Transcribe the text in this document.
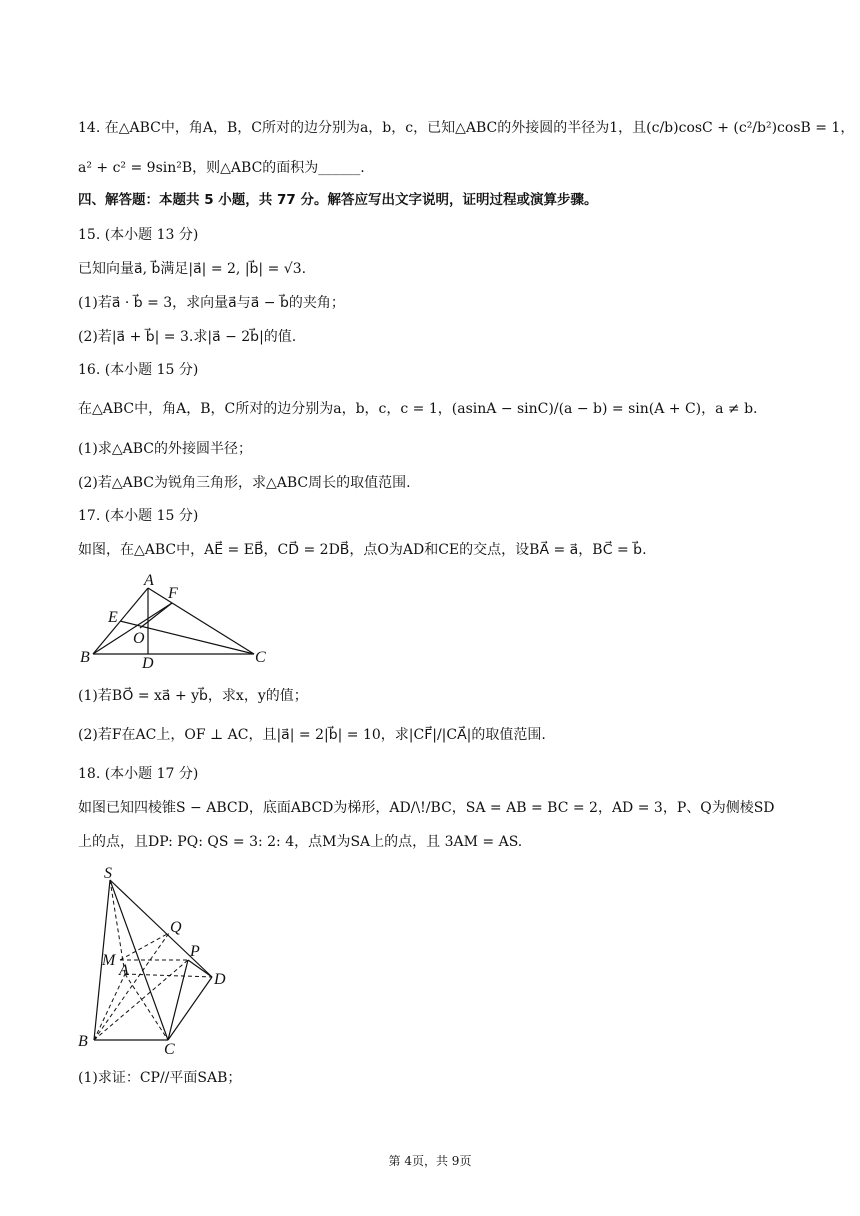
14. 在△ABC中，角A，B，C所对的边分别为a，b，c，已知△ABC的外接圆的半径为1，且(c/b)cosC + (c²/b²)cosB = 1，
a² + c² = 9sin²B，则△ABC的面积为______.
四、解答题：本题共 5 小题，共 77 分。解答应写出文字说明，证明过程或演算步骤。
15. (本小题 13 分)
已知向量a⃗, b⃗满足|a⃗| = 2, |b⃗| = √3.
(1)若a⃗ · b⃗ = 3，求向量a⃗与a⃗ − b⃗的夹角；
(2)若|a⃗ + b⃗| = 3.求|a⃗ − 2b⃗|的值.
16. (本小题 15 分)
在△ABC中，角A，B，C所对的边分别为a，b，c，c = 1，(asinA − sinC)/(a − b) = sin(A + C)，a ≠ b.
(1)求△ABC的外接圆半径；
(2)若△ABC为锐角三角形，求△ABC周长的取值范围.
17. (本小题 15 分)
如图，在△ABC中，AE⃗ = EB⃗，CD⃗ = 2DB⃗，点O为AD和CE的交点，设BA⃗ = a⃗，BC⃗ = b⃗.
A
F
E
O
B	D	C
(1)若BO⃗ = xa⃗ + yb⃗，求x，y的值；
(2)若F在AC上，OF ⊥ AC，且|a⃗| = 2|b⃗| = 10，求|CF⃗|/|CA⃗|的取值范围.
18. (本小题 17 分)
如图已知四棱锥S − ABCD，底面ABCD为梯形，AD/\!/BC，SA = AB = BC = 2，AD = 3，P、Q为侧棱SD
上的点，且DP: PQ: QS = 3: 2: 4，点M为SA上的点，且 3AM = AS.
S
Q
P
M
A
D
B	C
(1)求证：CP//平面SAB；
第 4页，共 9页
